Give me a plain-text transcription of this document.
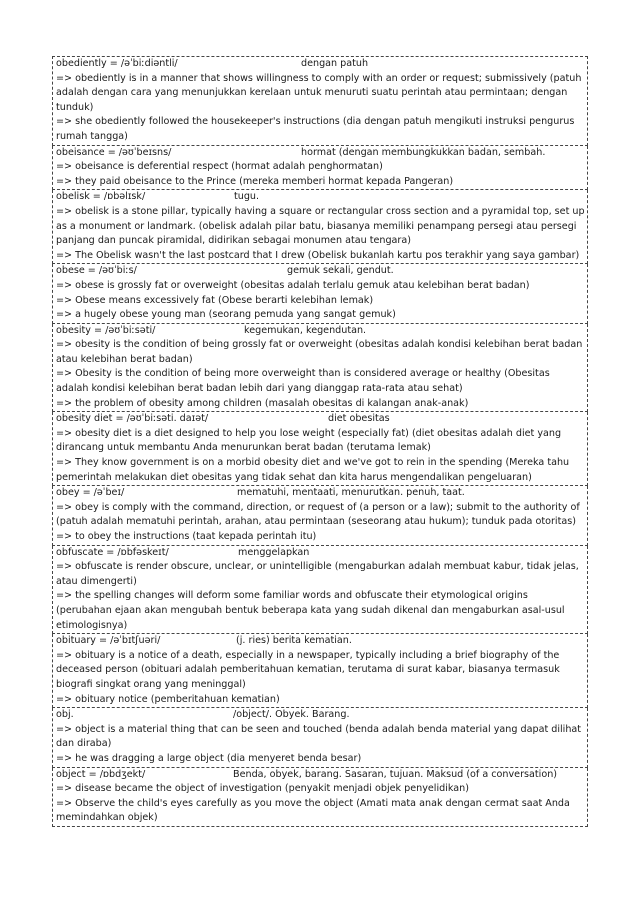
obediently = /əˈbiːdiəntli/	dengan patuh

=> obediently is in a manner that shows willingness to comply with an order or request; submissively (patuh adalah dengan cara yang menunjukkan kerelaan untuk menuruti suatu perintah atau permintaan; dengan tunduk)

=> she obediently followed the housekeeper's instructions (dia dengan patuh mengikuti instruksi pengurus rumah tangga)

obeisance = /əʊˈbeɪsns/	hormat (dengan membungkukkan badan, sembah.

=> obeisance is deferential respect (hormat adalah penghormatan)

=> they paid obeisance to the Prince (mereka memberi hormat kepada Pangeran)

obelisk = /ɒbəlɪsk/	tugu.

=> obelisk is a stone pillar, typically having a square or rectangular cross section and a pyramidal top, set up as a monument or landmark. (obelisk adalah pilar batu, biasanya memiliki penampang persegi atau persegi panjang dan puncak piramidal, didirikan sebagai monumen atau tengara)

=> The Obelisk wasn't the last postcard that I drew (Obelisk bukanlah kartu pos terakhir yang saya gambar)

obese = /əʊˈbiːs/	gemuk sekali, gendut.

=> obese is grossly fat or overweight (obesitas adalah terlalu gemuk atau kelebihan berat badan)

=> Obese means excessively fat (Obese berarti kelebihan lemak)

=> a hugely obese young man (seorang pemuda yang sangat gemuk)

obesity = /əʊˈbiːsəti/	kegemukan, kegendutan.

=> obesity is the condition of being grossly fat or overweight (obesitas adalah kondisi kelebihan berat badan atau kelebihan berat badan)

=> Obesity is the condition of being more overweight than is considered average or healthy (Obesitas adalah kondisi kelebihan berat badan lebih dari yang dianggap rata-rata atau sehat)

=> the problem of obesity among children (masalah obesitas di kalangan anak-anak)

obesity diet = /əʊˈbiːsəti. daɪət/	diet obesitas

=> obesity diet is a diet designed to help you lose weight (especially fat) (diet obesitas adalah diet yang dirancang untuk membantu Anda menurunkan berat badan (terutama lemak)

=> They know government is on a morbid obesity diet and we've got to rein in the spending (Mereka tahu pemerintah melakukan diet obesitas yang tidak sehat dan kita harus mengendalikan pengeluaran)

obey = /əˈbeɪ/	mematuhi, mentaati, menurutkan. penuh, taat.

=> obey is comply with the command, direction, or request of (a person or a law); submit to the authority of (patuh adalah mematuhi perintah, arahan, atau permintaan (seseorang atau hukum); tunduk pada otoritas)

=> to obey the instructions (taat kepada perintah itu)

obfuscate = /ɒbfəskeɪt/	menggelapkan

=> obfuscate is render obscure, unclear, or unintelligible (mengaburkan adalah membuat kabur, tidak jelas, atau dimengerti)

=> the spelling changes will deform some familiar words and obfuscate their etymological origins (perubahan ejaan akan mengubah bentuk beberapa kata yang sudah dikenal dan mengaburkan asal-usul etimologisnya)

obituary = /əˈbɪtʃuəri/	(j. ries) berita kematian.

=> obituary is a notice of a death, especially in a newspaper, typically including a brief biography of the deceased person (obituari adalah pemberitahuan kematian, terutama di surat kabar, biasanya termasuk biografi singkat orang yang meninggal)

=> obituary notice (pemberitahuan kematian)

obj.	/object/. Obyek. Barang.

=> object is a material thing that can be seen and touched (benda adalah benda material yang dapat dilihat dan diraba)

=> he was dragging a large object (dia menyeret benda besar)

object = /ɒbdʒekt/	Benda, obyek, barang. Sasaran, tujuan. Maksud (of a conversation)

=> disease became the object of investigation (penyakit menjadi objek penyelidikan)

=> Observe the child's eyes carefully as you move the object (Amati mata anak dengan cermat saat Anda memindahkan objek)
